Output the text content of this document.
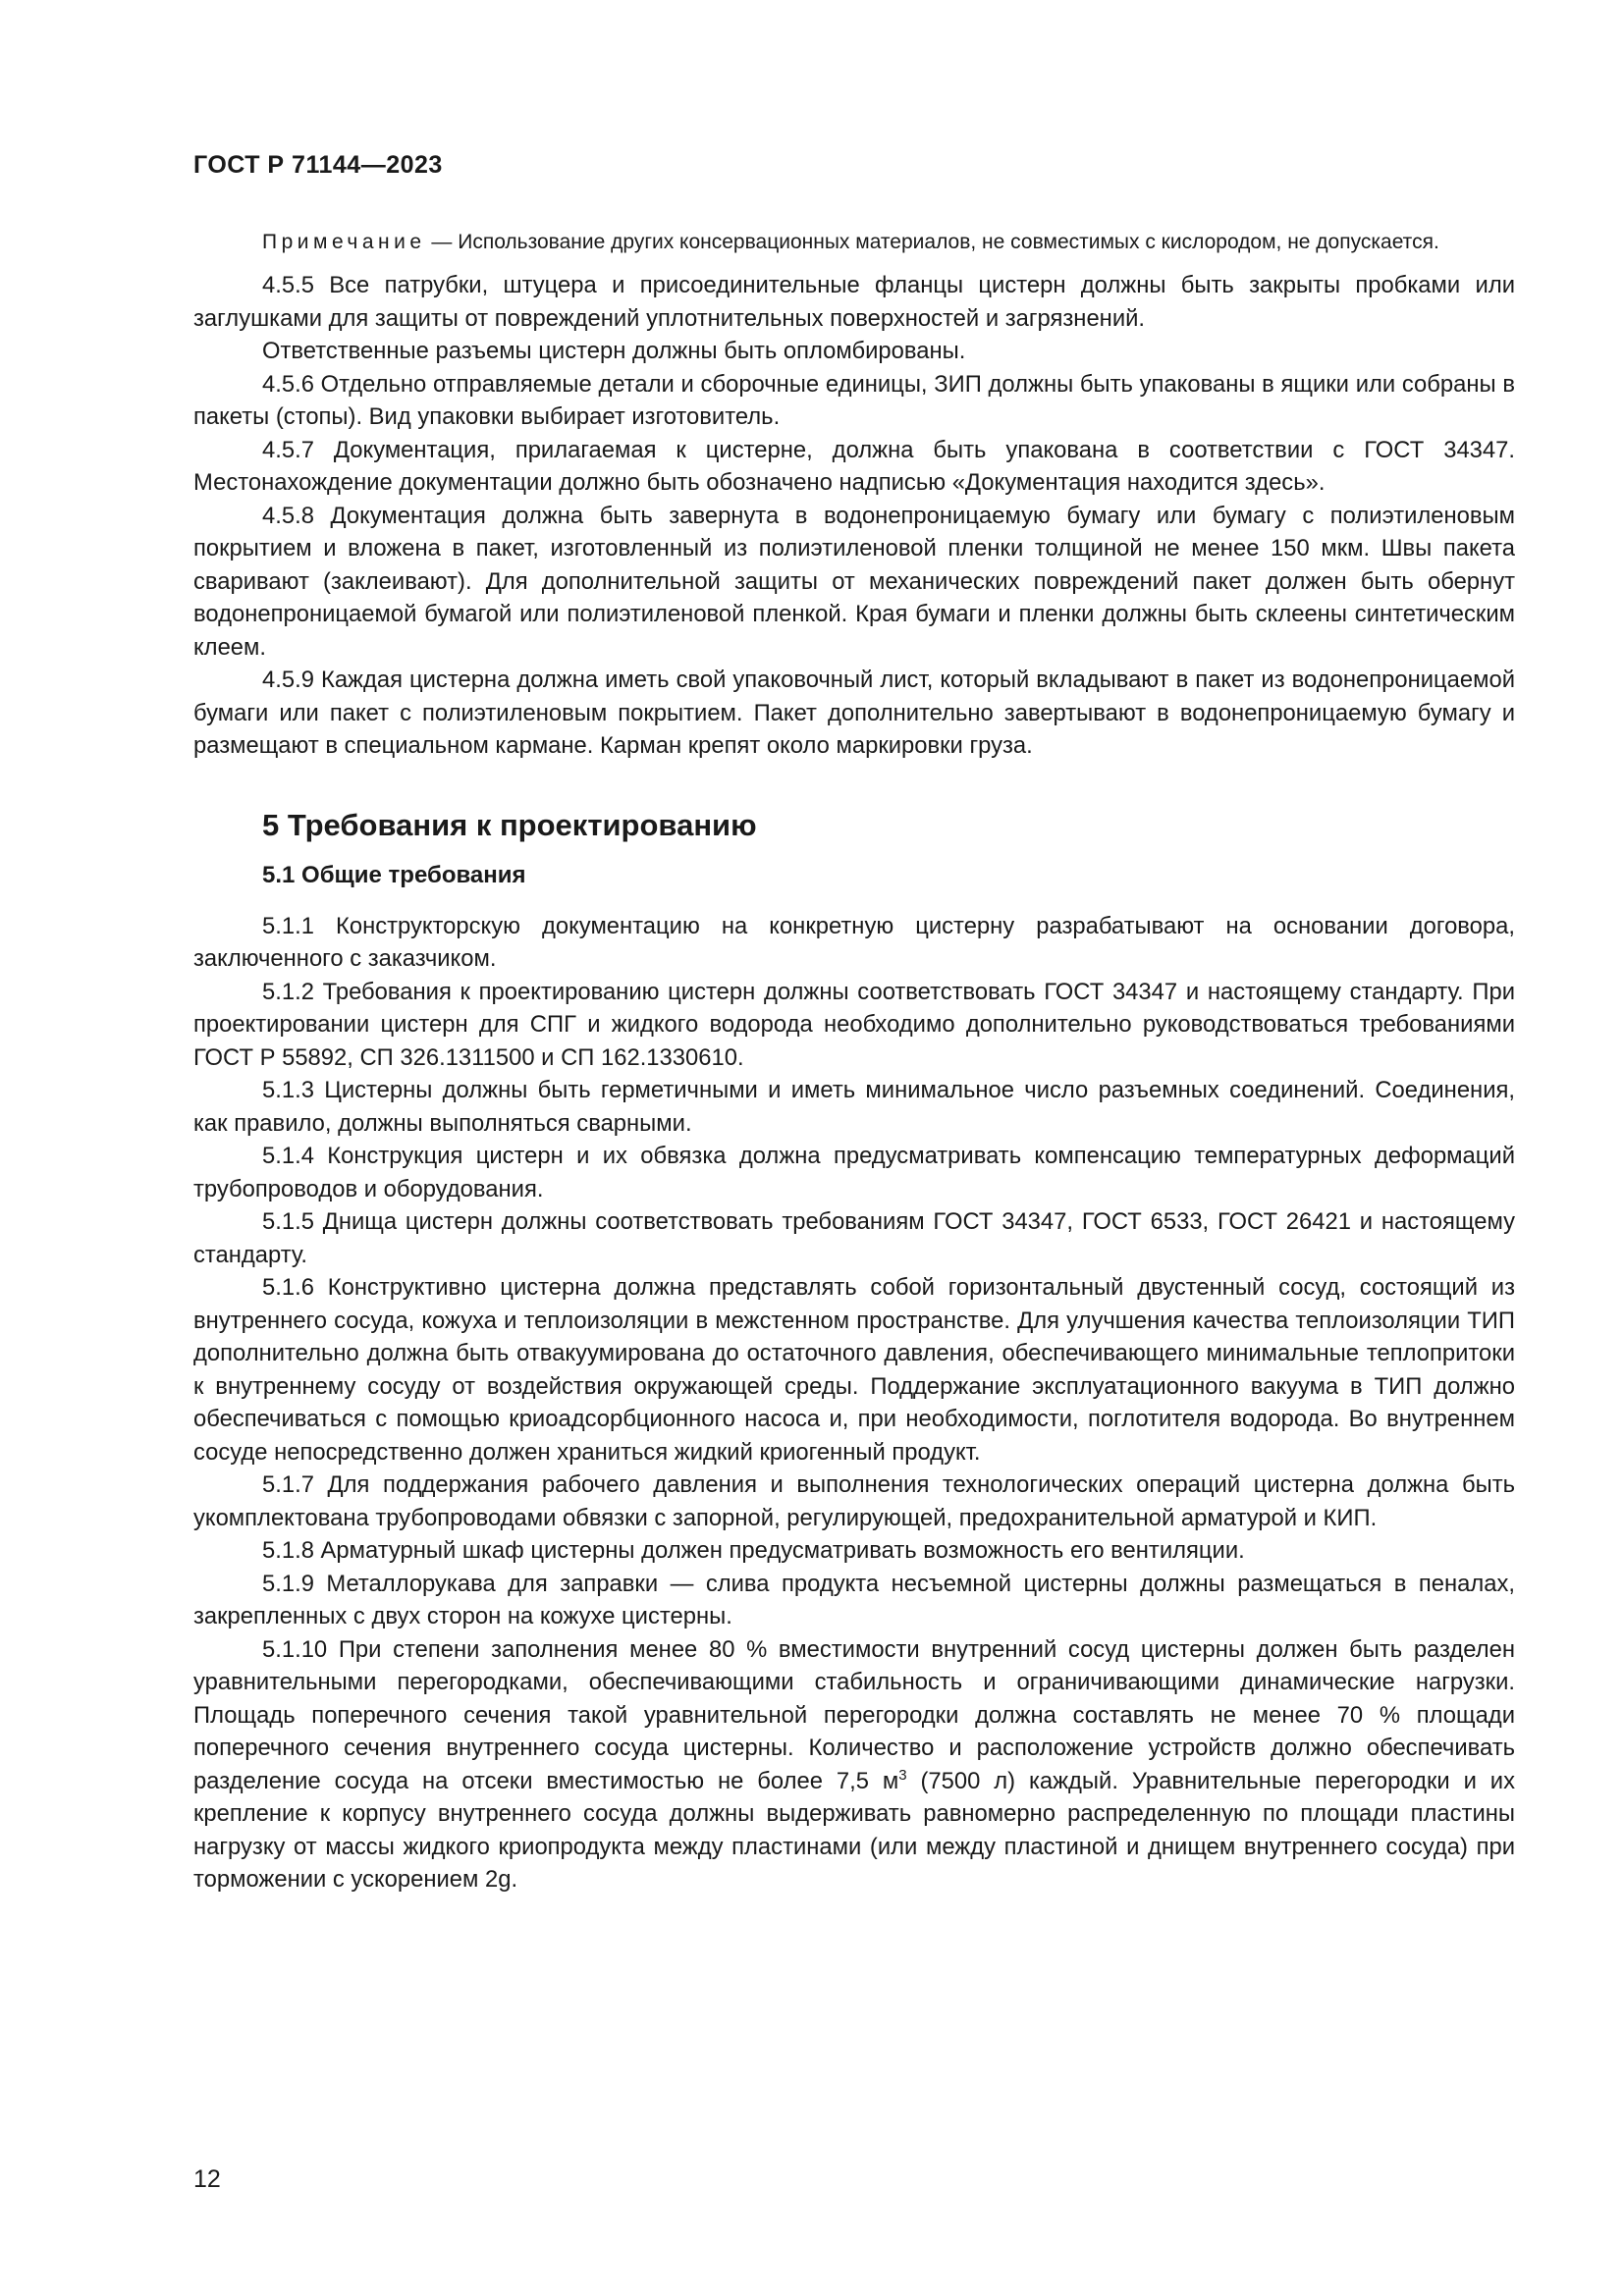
ГОСТ Р 71144—2023

Примечание — Использование других консервационных материалов, не совместимых с кислородом, не допускается.

4.5.5 Все патрубки, штуцера и присоединительные фланцы цистерн должны быть закрыты пробками или заглушками для защиты от повреждений уплотнительных поверхностей и загрязнений.

Ответственные разъемы цистерн должны быть опломбированы.

4.5.6 Отдельно отправляемые детали и сборочные единицы, ЗИП должны быть упакованы в ящики или собраны в пакеты (стопы). Вид упаковки выбирает изготовитель.

4.5.7 Документация, прилагаемая к цистерне, должна быть упакована в соответствии с ГОСТ 34347. Местонахождение документации должно быть обозначено надписью «Документация находится здесь».

4.5.8 Документация должна быть завернута в водонепроницаемую бумагу или бумагу с полиэтиленовым покрытием и вложена в пакет, изготовленный из полиэтиленовой пленки толщиной не менее 150 мкм. Швы пакета сваривают (заклеивают). Для дополнительной защиты от механических повреждений пакет должен быть обернут водонепроницаемой бумагой или полиэтиленовой пленкой. Края бумаги и пленки должны быть склеены синтетическим клеем.

4.5.9 Каждая цистерна должна иметь свой упаковочный лист, который вкладывают в пакет из водонепроницаемой бумаги или пакет с полиэтиленовым покрытием. Пакет дополнительно завертывают в водонепроницаемую бумагу и размещают в специальном кармане. Карман крепят около маркировки груза.

5 Требования к проектированию
5.1 Общие требования

5.1.1 Конструкторскую документацию на конкретную цистерну разрабатывают на основании договора, заключенного с заказчиком.

5.1.2 Требования к проектированию цистерн должны соответствовать ГОСТ 34347 и настоящему стандарту. При проектировании цистерн для СПГ и жидкого водорода необходимо дополнительно руководствоваться требованиями ГОСТ Р 55892, СП 326.1311500 и СП 162.1330610.

5.1.3 Цистерны должны быть герметичными и иметь минимальное число разъемных соединений. Соединения, как правило, должны выполняться сварными.

5.1.4 Конструкция цистерн и их обвязка должна предусматривать компенсацию температурных деформаций трубопроводов и оборудования.

5.1.5 Днища цистерн должны соответствовать требованиям ГОСТ 34347, ГОСТ 6533, ГОСТ 26421 и настоящему стандарту.

5.1.6 Конструктивно цистерна должна представлять собой горизонтальный двустенный сосуд, состоящий из внутреннего сосуда, кожуха и теплоизоляции в межстенном пространстве. Для улучшения качества теплоизоляции ТИП дополнительно должна быть отвакуумирована до остаточного давления, обеспечивающего минимальные теплопритоки к внутреннему сосуду от воздействия окружающей среды. Поддержание эксплуатационного вакуума в ТИП должно обеспечиваться с помощью криоадсорбционного насоса и, при необходимости, поглотителя водорода. Во внутреннем сосуде непосредственно должен храниться жидкий криогенный продукт.

5.1.7 Для поддержания рабочего давления и выполнения технологических операций цистерна должна быть укомплектована трубопроводами обвязки с запорной, регулирующей, предохранительной арматурой и КИП.

5.1.8 Арматурный шкаф цистерны должен предусматривать возможность его вентиляции.

5.1.9 Металлорукава для заправки — слива продукта несъемной цистерны должны размещаться в пеналах, закрепленных с двух сторон на кожухе цистерны.

5.1.10 При степени заполнения менее 80 % вместимости внутренний сосуд цистерны должен быть разделен уравнительными перегородками, обеспечивающими стабильность и ограничивающими динамические нагрузки. Площадь поперечного сечения такой уравнительной перегородки должна составлять не менее 70 % площади поперечного сечения внутреннего сосуда цистерны. Количество и расположение устройств должно обеспечивать разделение сосуда на отсеки вместимостью не более 7,5 $м^3$ (7500 л) каждый. Уравнительные перегородки и их крепление к корпусу внутреннего сосуда должны выдерживать равномерно распределенную по площади пластины нагрузку от массы жидкого криопродукта между пластинами (или между пластиной и днищем внутреннего сосуда) при торможении с ускорением 2g.

12
